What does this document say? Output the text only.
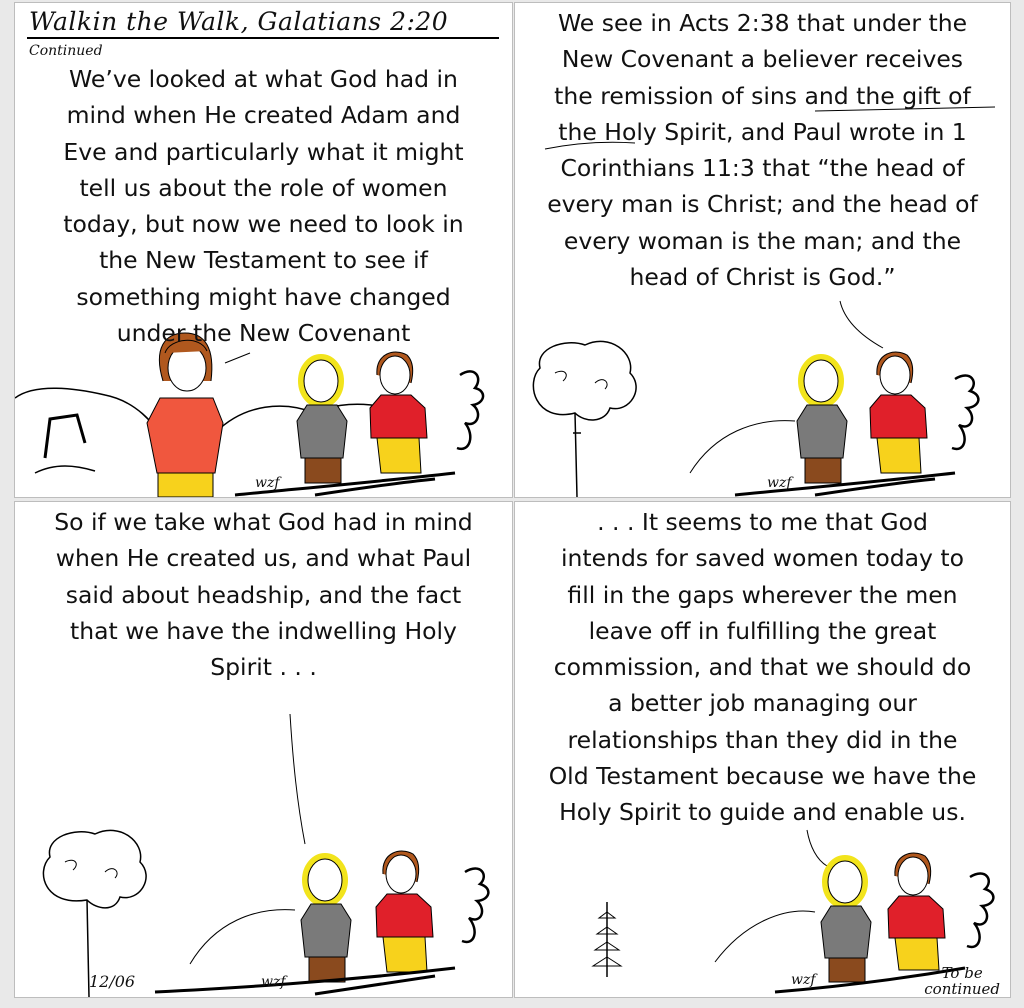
Walkin the Walk, Galatians 2:20
Continued
We’ve looked at what God had in
mind when He created Adam and
Eve and particularly what it might
tell us about the role of women
today, but now we need to look in
the New Testament to see if
something might have changed
under the New Covenant
wzf
We see in Acts 2:38 that under the
New Covenant a believer receives
the remission of sins and the gift of
the Holy Spirit, and Paul wrote in 1
Corinthians 11:3 that “the head of
every man is Christ; and the head of
every woman is the man; and the
head of Christ is God.”
wzf
So if we take what God had in mind
when He created us, and what Paul
said about headship, and the fact
that we have the indwelling Holy
Spirit . . .
12/06	wzf
. . . It seems to me that God
intends for saved women today to
fill in the gaps wherever the men
leave off in fulfilling the great
commission, and that we should do
a better job managing our
relationships than they did in the
Old Testament because we have the
Holy Spirit to guide and enable us.
wzf	To be
continued
